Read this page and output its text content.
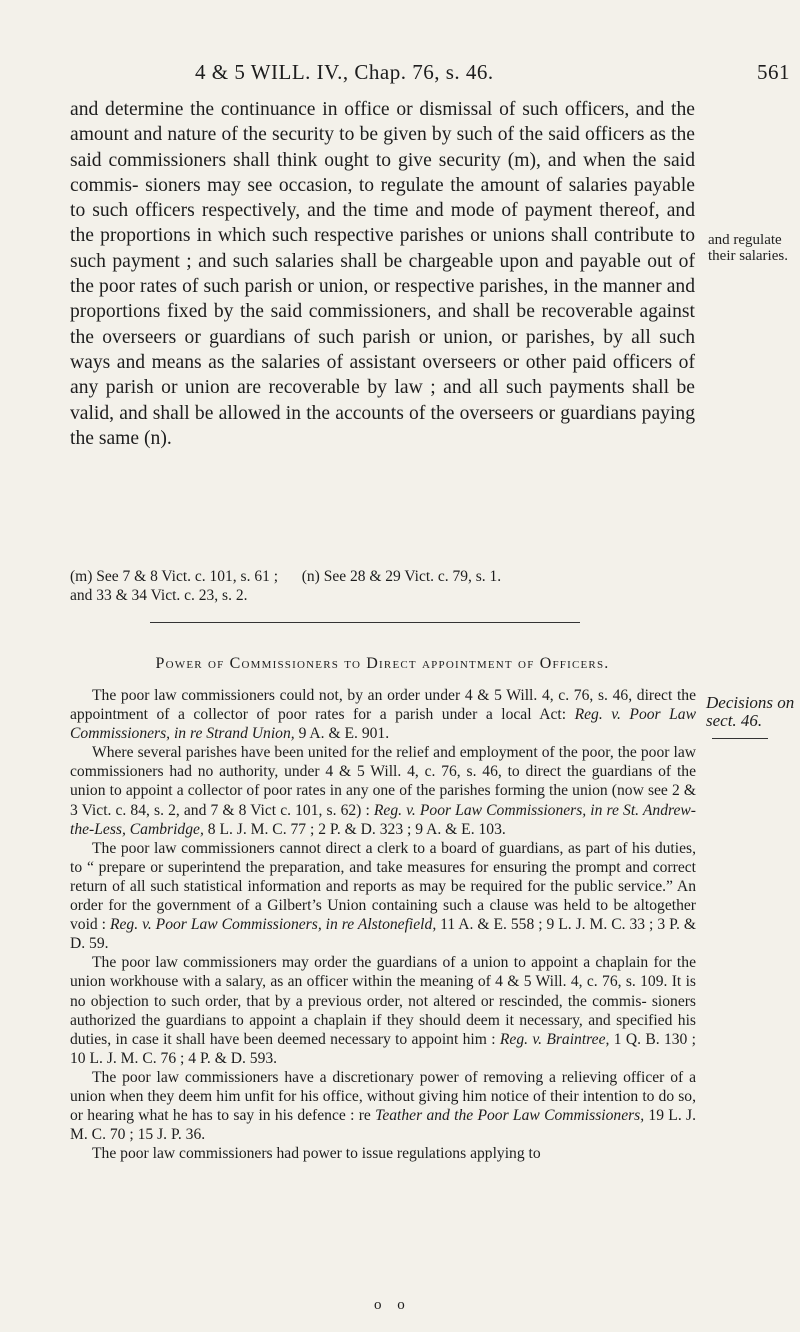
4 & 5 WILL. IV., Chap. 76, s. 46.	561

and determine the continuance in office or dismissal of such officers, and the amount and nature of the security to be given by such of the said officers as the said commissioners shall think ought to give security (m), and when the said commis- sioners may see occasion, to regulate the amount of salaries payable to such officers respectively, and the time and mode of payment thereof, and the proportions in which such respective parishes or unions shall contribute to such payment ; and such salaries shall be chargeable upon and payable out of the poor rates of such parish or union, or respective parishes, in the manner and proportions fixed by the said commissioners, and shall be recoverable against the overseers or guardians of such parish or union, or parishes, by all such ways and means as the salaries of assistant overseers or other paid officers of any parish or union are recoverable by law ; and all such payments shall be valid, and shall be allowed in the accounts of the overseers or guardians paying the same (n).

and regulate their salaries.
(m) See 7 & 8 Vict. c. 101, s. 61 ; (n) See 28 & 29 Vict. c. 79, s. 1.
and 33 & 34 Vict. c. 23, s. 2.
Power of Commissioners to Direct appointment of Officers.
Decisions on sect. 46.

The poor law commissioners could not, by an order under 4 & 5 Will. 4, c. 76, s. 46, direct the appointment of a collector of poor rates for a parish under a local Act: Reg. v. Poor Law Commissioners, in re Strand Union, 9 A. & E. 901.

Where several parishes have been united for the relief and employment of the poor, the poor law commissioners had no authority, under 4 & 5 Will. 4, c. 76, s. 46, to direct the guardians of the union to appoint a collector of poor rates in any one of the parishes forming the union (now see 2 & 3 Vict. c. 84, s. 2, and 7 & 8 Vict c. 101, s. 62) : Reg. v. Poor Law Commissioners, in re St. Andrew-the-Less, Cambridge, 8 L. J. M. C. 77 ; 2 P. & D. 323 ; 9 A. & E. 103.

The poor law commissioners cannot direct a clerk to a board of guardians, as part of his duties, to “ prepare or superintend the preparation, and take measures for ensuring the prompt and correct return of all such statistical information and reports as may be required for the public service.” An order for the government of a Gilbert’s Union containing such a clause was held to be altogether void : Reg. v. Poor Law Commissioners, in re Alstonefield, 11 A. & E. 558 ; 9 L. J. M. C. 33 ; 3 P. & D. 59.

The poor law commissioners may order the guardians of a union to appoint a chaplain for the union workhouse with a salary, as an officer within the meaning of 4 & 5 Will. 4, c. 76, s. 109. It is no objection to such order, that by a previous order, not altered or rescinded, the commis- sioners authorized the guardians to appoint a chaplain if they should deem it necessary, and specified his duties, in case it shall have been deemed necessary to appoint him : Reg. v. Braintree, 1 Q. B. 130 ; 10 L. J. M. C. 76 ; 4 P. & D. 593.

The poor law commissioners have a discretionary power of removing a relieving officer of a union when they deem him unfit for his office, without giving him notice of their intention to do so, or hearing what he has to say in his defence : re Teather and the Poor Law Commissioners, 19 L. J. M. C. 70 ; 15 J. P. 36.

The poor law commissioners had power to issue regulations applying to

o o
